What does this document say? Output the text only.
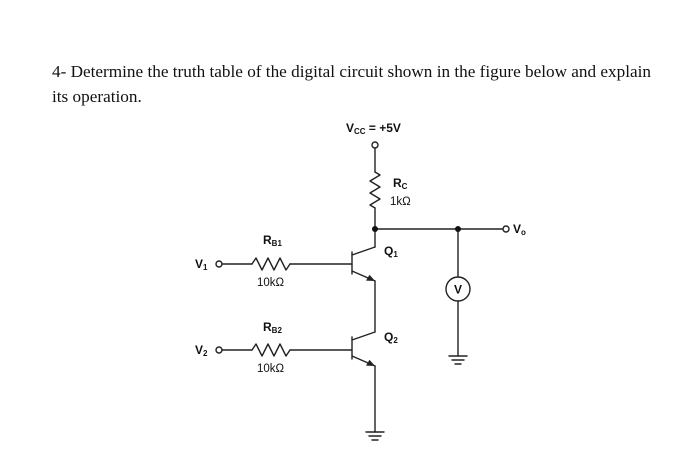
4- Determine the truth table of the digital circuit shown in the figure below and explain its operation.
V
VCC = +5V
RC
1kΩ
Q1
Q2
RB1
10kΩ
RB2
10kΩ
V1
V2
Vo
